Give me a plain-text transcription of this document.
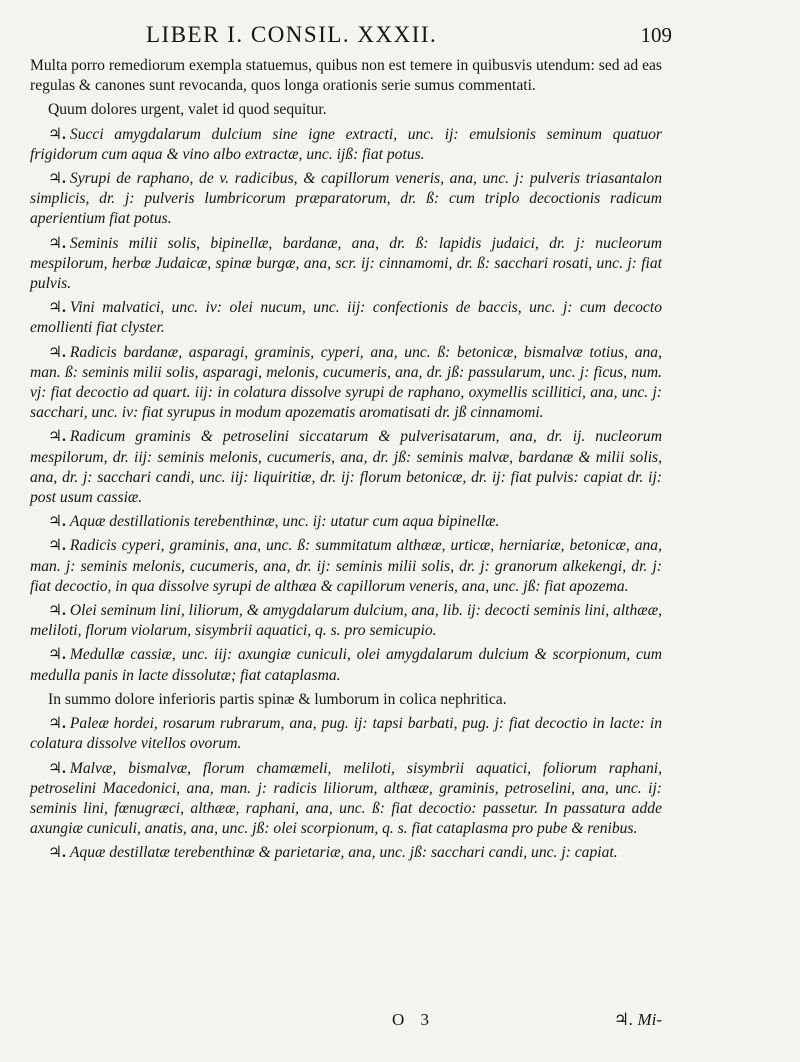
LIBER I. CONSIL. XXXII.	109

Multa porro remediorum exempla statuemus, quibus non est temere in quibusvis utendum: sed ad eas regulas & canones sunt revocanda, quos longa orationis serie sumus commentati.

Quum dolores urgent, valet id quod sequitur.

♃. Succi amygdalarum dulcium sine igne extracti, unc. ij: emulsionis seminum quatuor frigidorum cum aqua & vino albo extractæ, unc. ijß: fiat potus.

♃. Syrupi de raphano, de v. radicibus, & capillorum veneris, ana, unc. j: pulveris triasantalon simplicis, dr. j: pulveris lumbricorum præparatorum, dr. ß: cum triplo decoctionis radicum aperientium fiat potus.

♃. Seminis milii solis, bipinellæ, bardanæ, ana, dr. ß: lapidis judaici, dr. j: nucleorum mespilorum, herbæ Judaicæ, spinæ burgæ, ana, scr. ij: cinnamomi, dr. ß: sacchari rosati, unc. j: fiat pulvis.

♃. Vini malvatici, unc. iv: olei nucum, unc. iij: confectionis de baccis, unc. j: cum decocto emollienti fiat clyster.

♃. Radicis bardanæ, asparagi, graminis, cyperi, ana, unc. ß: betonicæ, bismalvæ totius, ana, man. ß: seminis milii solis, asparagi, melonis, cucumeris, ana, dr. jß: passularum, unc. j: ficus, num. vj: fiat decoctio ad quart. iij: in colatura dissolve syrupi de raphano, oxymellis scillitici, ana, unc. j: sacchari, unc. iv: fiat syrupus in modum apozematis aromatisati dr. jß cinnamomi.

♃. Radicum graminis & petroselini siccatarum & pulverisatarum, ana, dr. ij. nucleorum mespilorum, dr. iij: seminis melonis, cucumeris, ana, dr. jß: seminis malvæ, bardanæ & milii solis, ana, dr. j: sacchari candi, unc. iij: liquiritiæ, dr. ij: florum betonicæ, dr. ij: fiat pulvis: capiat dr. ij: post usum cassiæ.

♃. Aquæ destillationis terebenthinæ, unc. ij: utatur cum aqua bipinellæ.

♃. Radicis cyperi, graminis, ana, unc. ß: summitatum althææ, urticæ, herniariæ, betonicæ, ana, man. j: seminis melonis, cucumeris, ana, dr. ij: seminis milii solis, dr. j: granorum alkekengi, dr. j: fiat decoctio, in qua dissolve syrupi de althæa & capillorum veneris, ana, unc. jß: fiat apozema.

♃. Olei seminum lini, liliorum, & amygdalarum dulcium, ana, lib. ij: decocti seminis lini, althææ, meliloti, florum violarum, sisymbrii aquatici, q. s. pro semicupio.

♃. Medullæ cassiæ, unc. iij: axungiæ cuniculi, olei amygdalarum dulcium & scorpionum, cum medulla panis in lacte dissolutæ; fiat cataplasma.

In summo dolore inferioris partis spinæ & lumborum in colica nephritica.

♃. Paleæ hordei, rosarum rubrarum, ana, pug. ij: tapsi barbati, pug. j: fiat decoctio in lacte: in colatura dissolve vitellos ovorum.

♃. Malvæ, bismalvæ, florum chamæmeli, meliloti, sisymbrii aquatici, foliorum raphani, petroselini Macedonici, ana, man. j: radicis liliorum, althææ, graminis, petroselini, ana, unc. ij: seminis lini, fœnugræci, althææ, raphani, ana, unc. ß: fiat decoctio: passetur. In passatura adde axungiæ cuniculi, anatis, ana, unc. jß: olei scorpionum, q. s. fiat cataplasma pro pube & renibus.

♃. Aquæ destillatæ terebenthinæ & parietariæ, ana, unc. jß: sacchari candi, unc. j: capiat.

O 3	♃. Mi-
